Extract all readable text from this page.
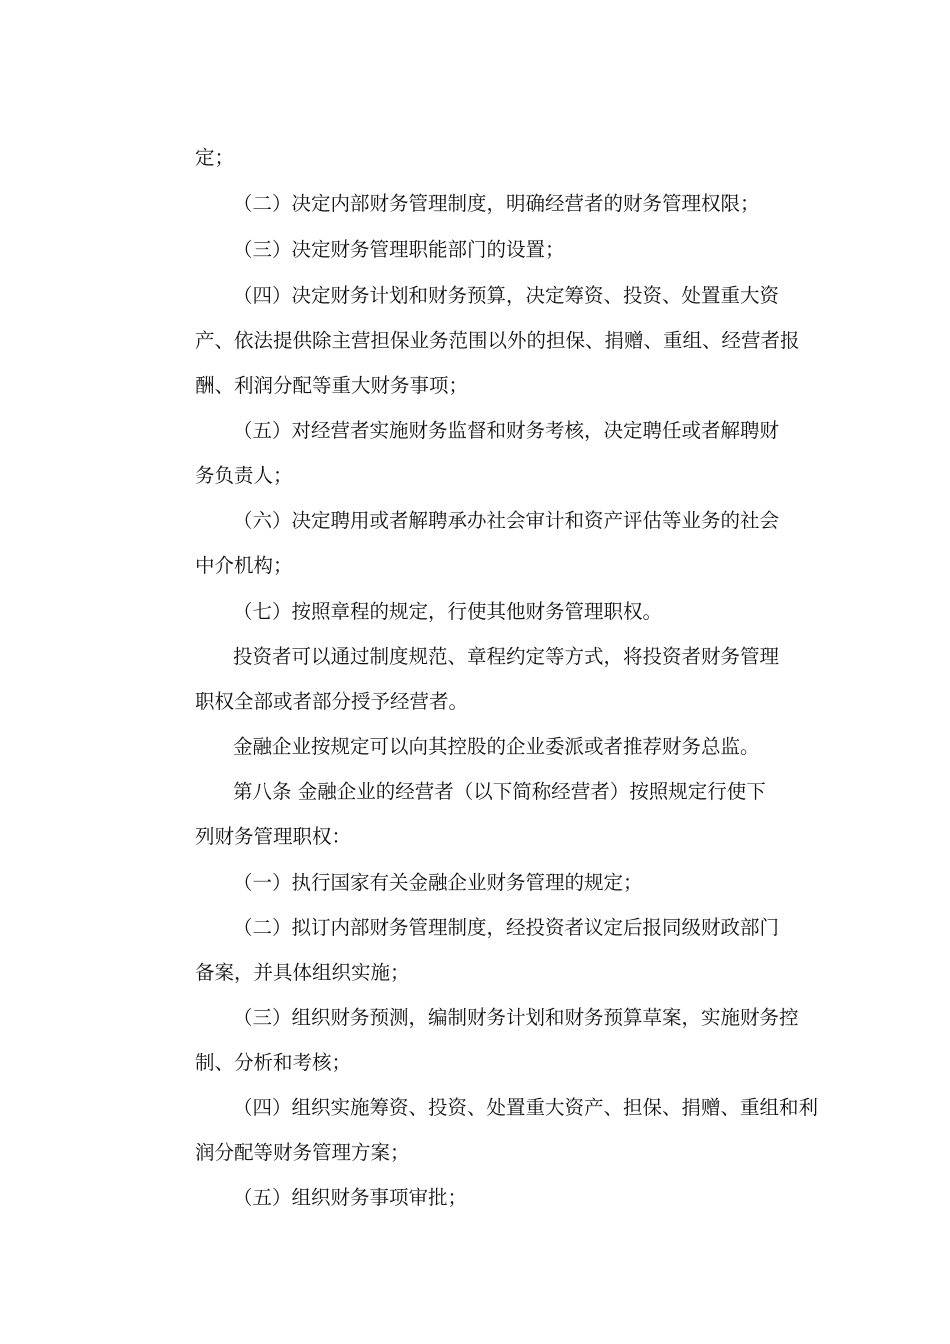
定；
（二）决定内部财务管理制度，明确经营者的财务管理权限；
（三）决定财务管理职能部门的设置；
（四）决定财务计划和财务预算，决定筹资、投资、处置重大资
产、依法提供除主营担保业务范围以外的担保、捐赠、重组、经营者报
酬、利润分配等重大财务事项；
（五）对经营者实施财务监督和财务考核，决定聘任或者解聘财
务负责人；
（六）决定聘用或者解聘承办社会审计和资产评估等业务的社会
中介机构；
（七）按照章程的规定，行使其他财务管理职权。
投资者可以通过制度规范、章程约定等方式，将投资者财务管理
职权全部或者部分授予经营者。
金融企业按规定可以向其控股的企业委派或者推荐财务总监。
第八条 金融企业的经营者（以下简称经营者）按照规定行使下
列财务管理职权：
（一）执行国家有关金融企业财务管理的规定；
（二）拟订内部财务管理制度，经投资者议定后报同级财政部门
备案，并具体组织实施；
（三）组织财务预测，编制财务计划和财务预算草案，实施财务控
制、分析和考核；
（四）组织实施筹资、投资、处置重大资产、担保、捐赠、重组和利
润分配等财务管理方案；
（五）组织财务事项审批；
